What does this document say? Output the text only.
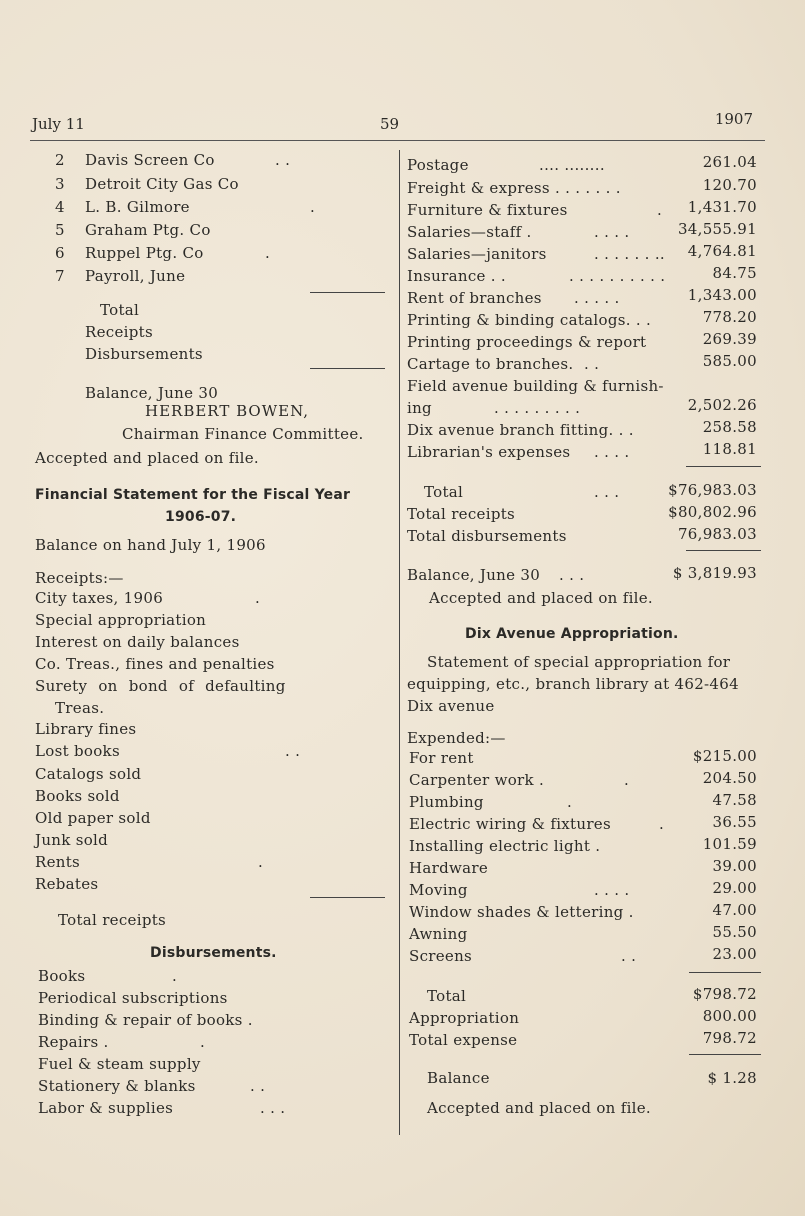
July 11	59	1907
2 Davis Screen Co	. .
3 Detroit City Gas Co
4 L. B. Gilmore	.
5 Graham Ptg. Co
6 Ruppel Ptg. Co	.
7 Payroll, June
Total
Receipts
Disbursements
Balance, June 30
HERBERT BOWEN,
Chairman Finance Committee.
Accepted and placed on file.
Financial Statement for the Fiscal Year
1906-07.
Balance on hand July 1, 1906
Receipts:—
City taxes, 1906	.
Special appropriation
Interest on daily balances
Co. Treas., fines and penalties
Surety on bond of defaulting
Treas.
Library fines
Lost books	. .
Catalogs sold
Books sold
Old paper sold
Junk sold
Rents	.
Rebates
Total receipts
Disbursements.
Books	.
Periodical subscriptions
Binding & repair of books .
Repairs .	.
Fuel & steam supply
Stationery & blanks	. .
Labor & supplies	. . .
Postage	.... ........	261.04
Freight & express . . . . . . .	120.70
Furniture & fixtures	. 1,431.70
Salaries—staff .	. . . .	34,555.91
Salaries—janitors	. . . . . . .. 4,764.81
Insurance . .	. . . . . . . . . .	84.75
Rent of branches . . . . .	1,343.00
Printing & binding catalogs. . .	778.20
Printing proceedings & report	269.39
Cartage to branches. . .	585.00
Field avenue building & furnish-
ing	. . . . . . . . .	2,502.26
Dix avenue branch fitting. . .	258.58
Librarian's expenses . . . .	118.81
Total	. . .	$76,983.03
Total receipts	$80,802.96
Total disbursements	76,983.03
Balance, June 30 . . .	$ 3,819.93
Accepted and placed on file.
Dix Avenue Appropriation.
Statement of special appropriation for
equipping, etc., branch library at 462-464
Dix avenue
Expended:—
For rent	$215.00
Carpenter work .	.	204.50
Plumbing	.	47.58
Electric wiring & fixtures	.	36.55
Installing electric light .	101.59
Hardware	39.00
Moving	. . . .	29.00
Window shades & lettering .	47.00
Awning	55.50
Screens	. .	23.00
Total	$798.72
Appropriation	800.00
Total expense	798.72
Balance	$ 1.28
Accepted and placed on file.
